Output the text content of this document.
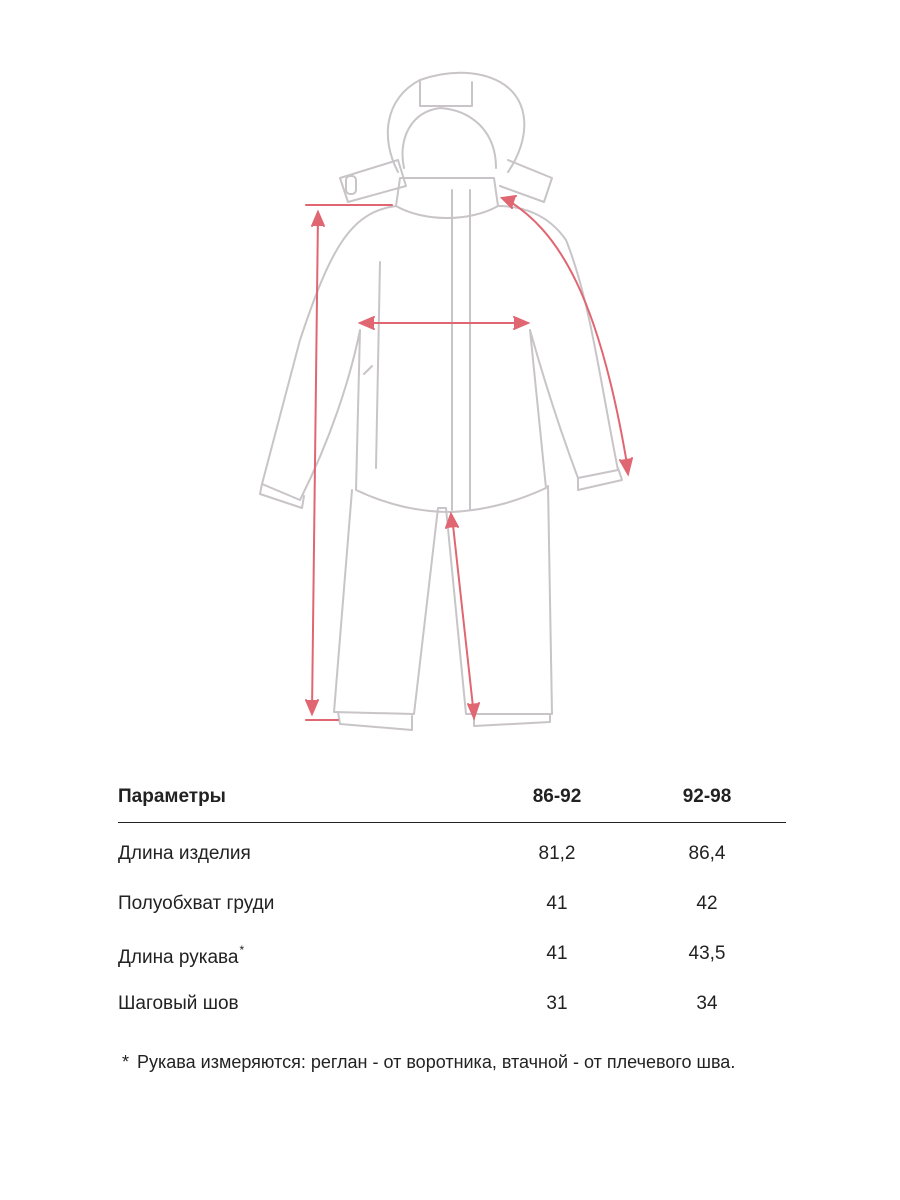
Параметры	86-92	92-98
Длина изделия	81,2	86,4
Полуобхват груди	41	42
Длина рукава*	41	43,5
Шаговый шов	31	34
* Рукава измеряются: реглан - от воротника, втачной - от плечевого шва.
